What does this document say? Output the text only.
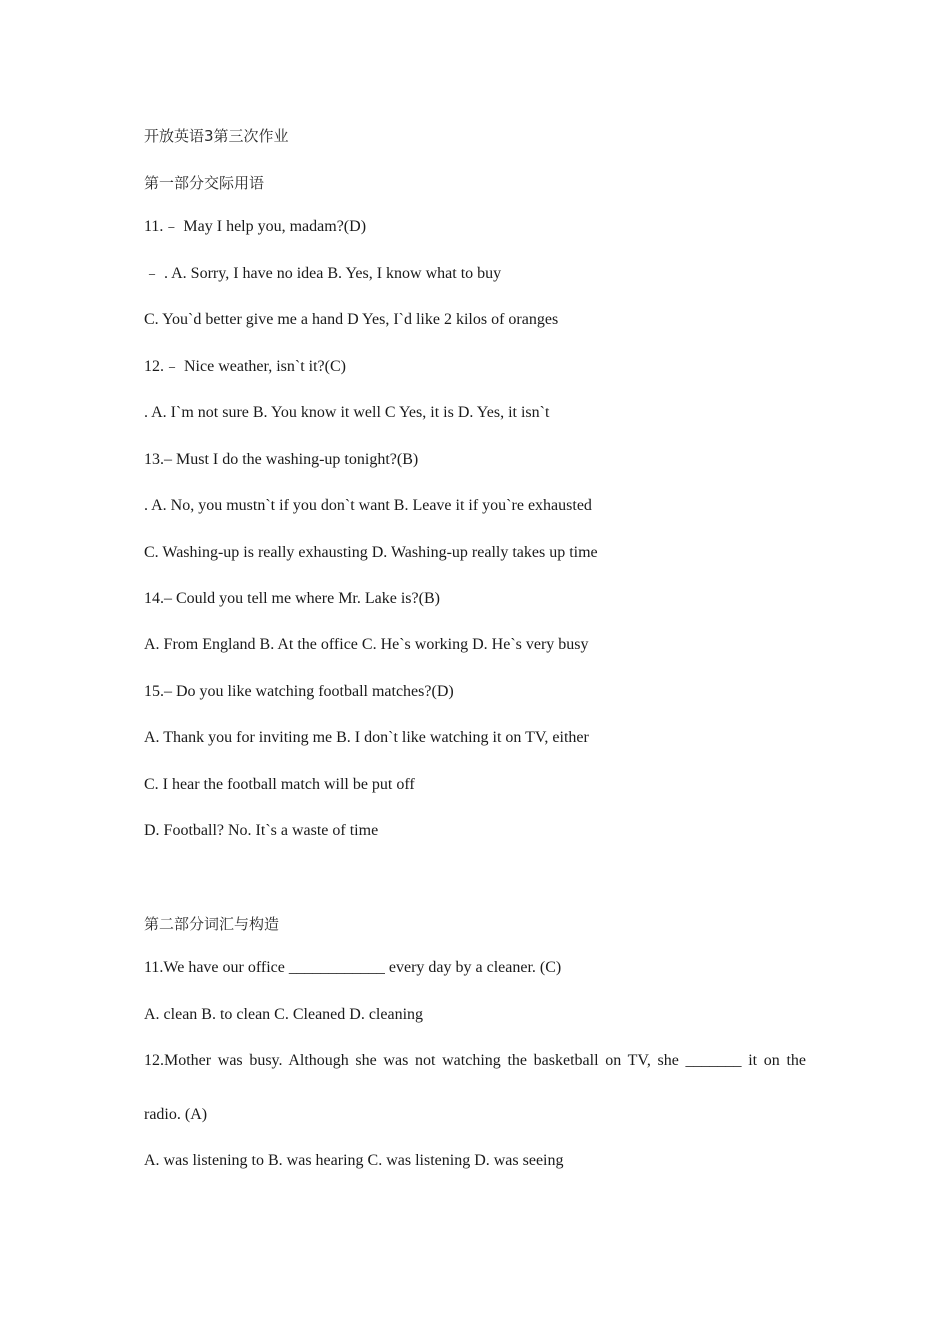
开放英语3第三次作业
第一部分交际用语
11.﹣ May I help you, madam?(D)
﹣ . A. Sorry, I have no idea B. Yes, I know what to buy
C. You`d better give me a hand D Yes, I`d like 2 kilos of oranges
12.﹣ Nice weather, isn`t it?(C)
. A. I`m not sure B. You know it well C Yes, it is D. Yes, it isn`t
13.– Must I do the washing-up tonight?(B)
. A. No, you mustn`t if you don`t want B. Leave it if you`re exhausted
C. Washing-up is really exhausting D. Washing-up really takes up time
14.– Could you tell me where Mr. Lake is?(B)
A. From England B. At the office C. He`s working D. He`s very busy
15.– Do you like watching football matches?(D)
A. Thank you for inviting me B. I don`t like watching it on TV, either
C. I hear the football match will be put off
D. Football? No. It`s a waste of time
第二部分词汇与构造
11.We have our office ____________ every day by a cleaner. (C)
A. clean B. to clean C. Cleaned D. cleaning
12.Mother was busy. Although she was not watching the basketball on TV, she _______ it on the
radio. (A)
A. was listening to B. was hearing C. was listening D. was seeing
